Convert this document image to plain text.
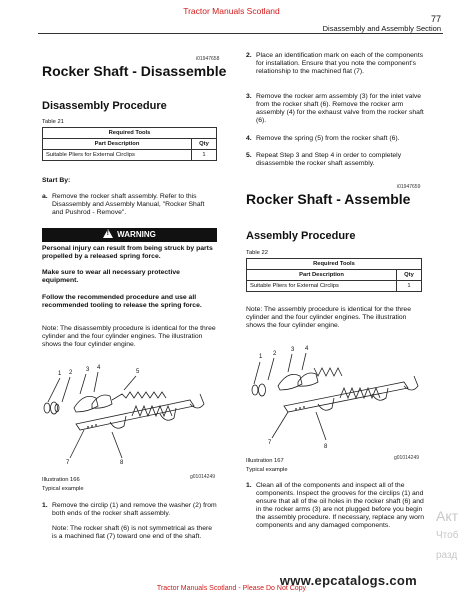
Tractor Manuals Scotland
77
Disassembly and Assembly Section
i01947658
Rocker Shaft - Disassemble
Disassembly Procedure
Table 21
Required Tools	
Part Description	Qty
Suitable Pliers for External Circlips	1
Start By:
a. Remove the rocker shaft assembly. Refer to this Disassembly and Assembly Manual, "Rocker Shaft and Pushrod - Remove".
! WARNING
Personal injury can result from being struck by parts propelled by a released spring force.
Make sure to wear all necessary protective equipment.
Follow the recommended procedure and use all recommended tooling to release the spring force.
Note: The disassembly procedure is identical for the three cylinder and the four cylinder engines. The illustration shows the four cylinder engine.
1 2 3 4
5
7	8
g01014249
Illustration 166
Typical example
1. Remove the circlip (1) and remove the washer (2) from both ends of the rocker shaft assembly.
Note: The rocker shaft (6) is not symmetrical as there is a machined flat (7) toward one end of the shaft.
2. Place an identification mark on each of the components for installation. Ensure that you note the component's relationship to the machined flat (7).
3. Remove the rocker arm assembly (3) for the inlet valve from the rocker shaft (6). Remove the rocker arm assembly (4) for the exhaust valve from the rocker shaft (6).
4. Remove the spring (5) from the rocker shaft (6).
5. Repeat Step 3 and Step 4 in order to completely disassemble the rocker shaft assembly.
i01947659
Rocker Shaft - Assemble
Assembly Procedure
Table 22
Required Tools	
Part Description	Qty
Suitable Pliers for External Circlips	1
Note: The assembly procedure is identical for the three cylinder and the four cylinder engines. The illustration shows the four cylinder engine.
1 2
3 4
7
8
g01014249
Illustration 167
Typical example
1. Clean all of the components and inspect all of the components. Inspect the grooves for the circlips (1) and ensure that all of the oil holes in the rocker shaft (6) and in the rocker arms (3) are not plugged before you begin the assembly procedure. If necessary, replace any worn components and any damaged components.
Акт
Чтоб
разд
www.epcatalogs.com
Tractor Manuals Scotland - Please Do Not Copy
